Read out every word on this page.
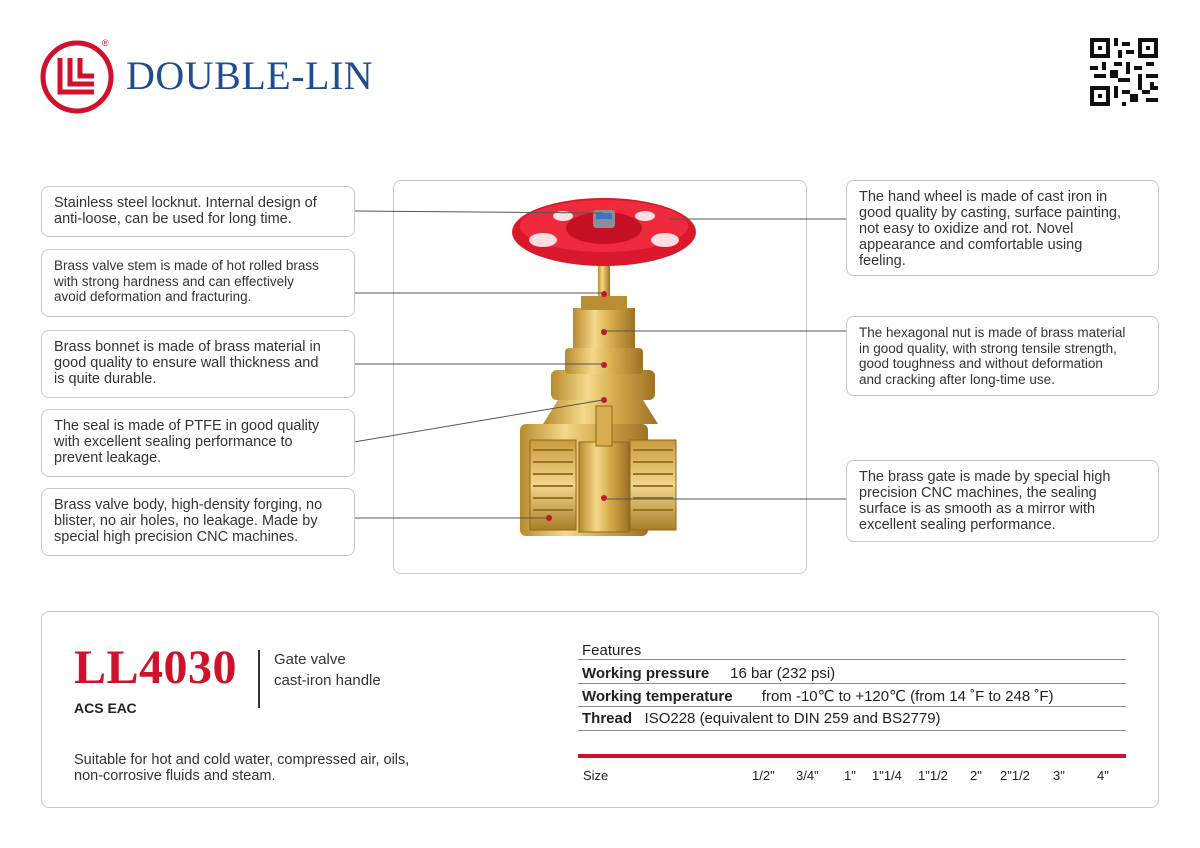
®
DOUBLE-LIN
Stainless steel locknut. Internal design of
anti-loose, can be used for long time.
Brass valve stem is made of hot rolled brass
with strong hardness and can effectively
avoid deformation and fracturing.
Brass bonnet is made of brass material in
good quality to ensure wall thickness and
is quite durable.
The seal is made of PTFE in good quality
with excellent sealing performance to
prevent leakage.
Brass valve body, high-density forging, no
blister, no air holes, no leakage. Made by
special high precision CNC machines.
The hand wheel is made of cast iron in
good quality by casting, surface painting,
not easy to oxidize and rot. Novel
appearance and comfortable using
feeling.
The hexagonal nut is made of brass material
in good quality, with strong tensile strength,
good toughness and without deformation
and cracking after long-time use.
The brass gate is made by special high
precision CNC machines, the sealing
surface is as smooth as a mirror with
excellent sealing performance.
LL4030 Gate valve
cast-iron handle
ACS ЕАС
Suitable for hot and cold water, compressed air, oils,
non-corrosive fluids and steam.
Features
Working pressure 16 bar (232 psi)
Working temperature from -10℃ to +120℃ (from 14 ˚F to 248 ˚F)
Thread ISO228 (equivalent to DIN 259 and BS2779)
Size	1/2" 3/4" 1" 1"1/4 1"1/2 2" 2"1/2 3" 4"
